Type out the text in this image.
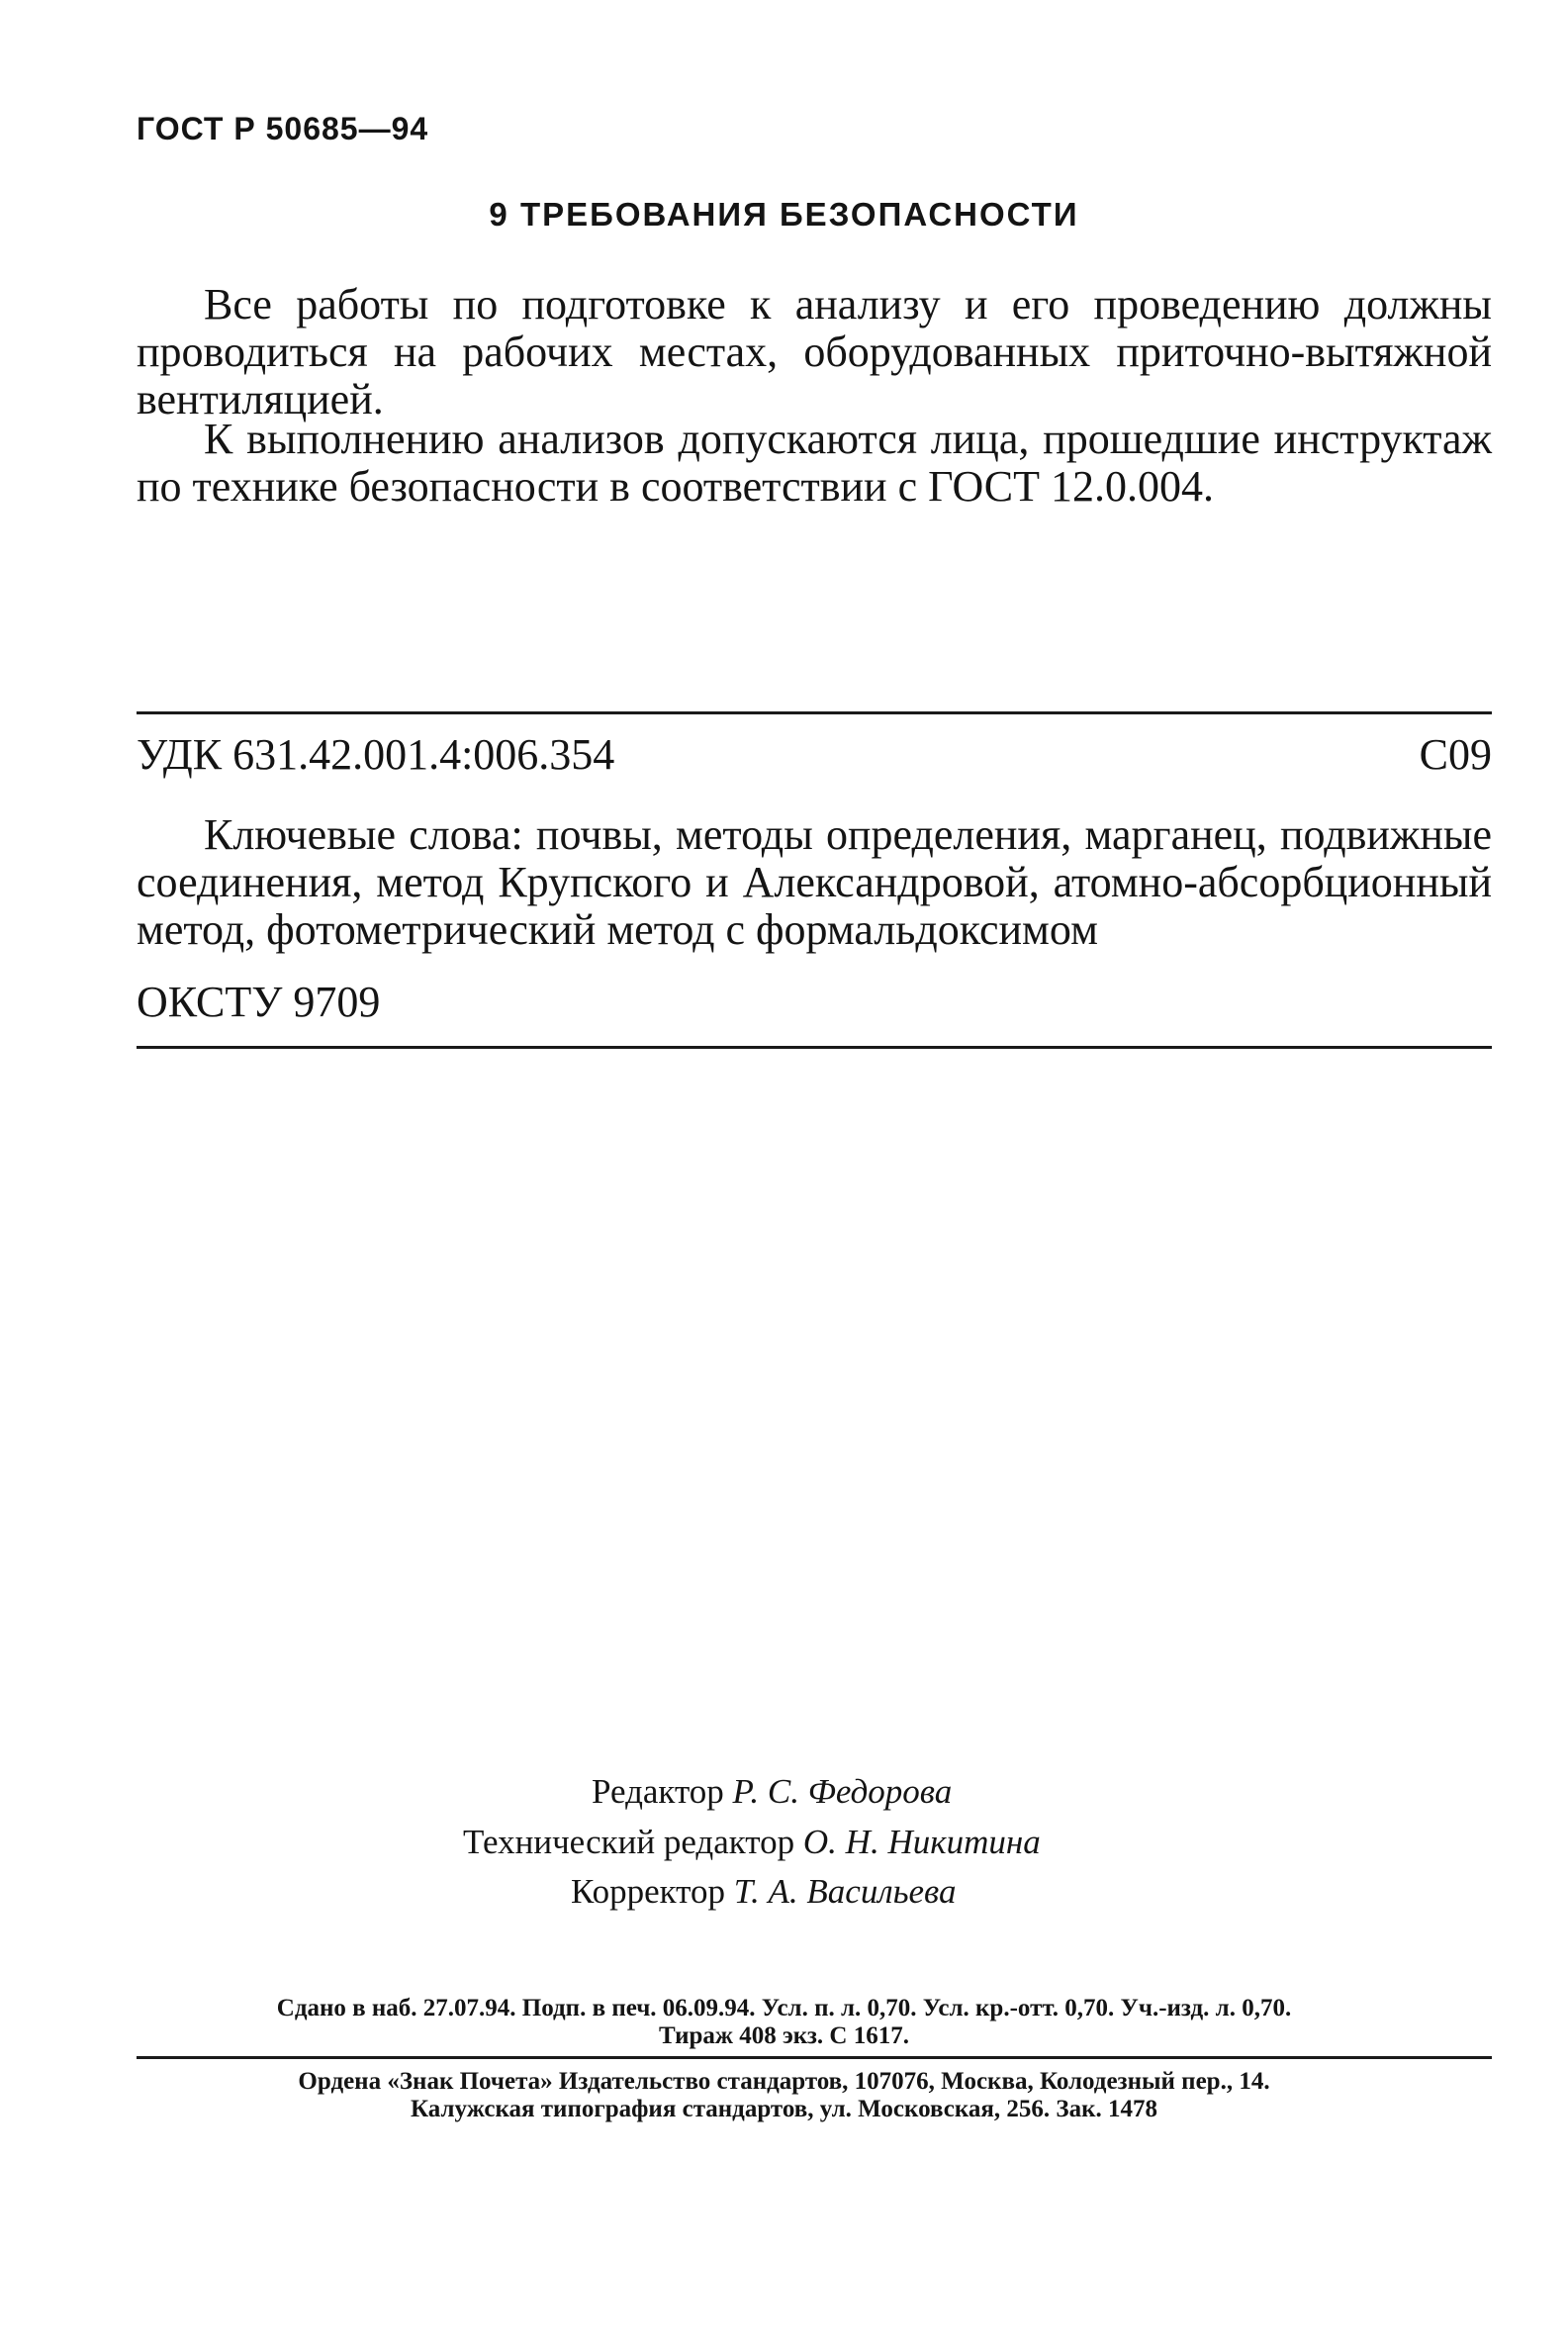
ГОСТ Р 50685—94
9 ТРЕБОВАНИЯ БЕЗОПАСНОСТИ
Все работы по подготовке к анализу и его проведению должны проводиться на рабочих местах, оборудованных приточно-вытяжной вентиляцией.
К выполнению анализов допускаются лица, прошедшие инструктаж по технике безопасности в соответствии с ГОСТ 12.0.004.
УДК 631.42.001.4:006.354	С09
Ключевые слова: почвы, методы определения, марганец, подвижные соединения, метод Крупского и Александровой, атомно-абсорбционный метод, фотометрический метод с формальдоксимом
ОКСТУ 9709
Редактор Р. С. Федорова
Технический редактор О. Н. Никитина
Корректор Т. А. Васильева
Сдано в наб. 27.07.94. Подп. в печ. 06.09.94. Усл. п. л. 0,70. Усл. кр.-отт. 0,70. Уч.-изд. л. 0,70.
Тираж 408 экз. С 1617.
Ордена «Знак Почета» Издательство стандартов, 107076, Москва, Колодезный пер., 14.
Калужская типография стандартов, ул. Московская, 256. Зак. 1478
